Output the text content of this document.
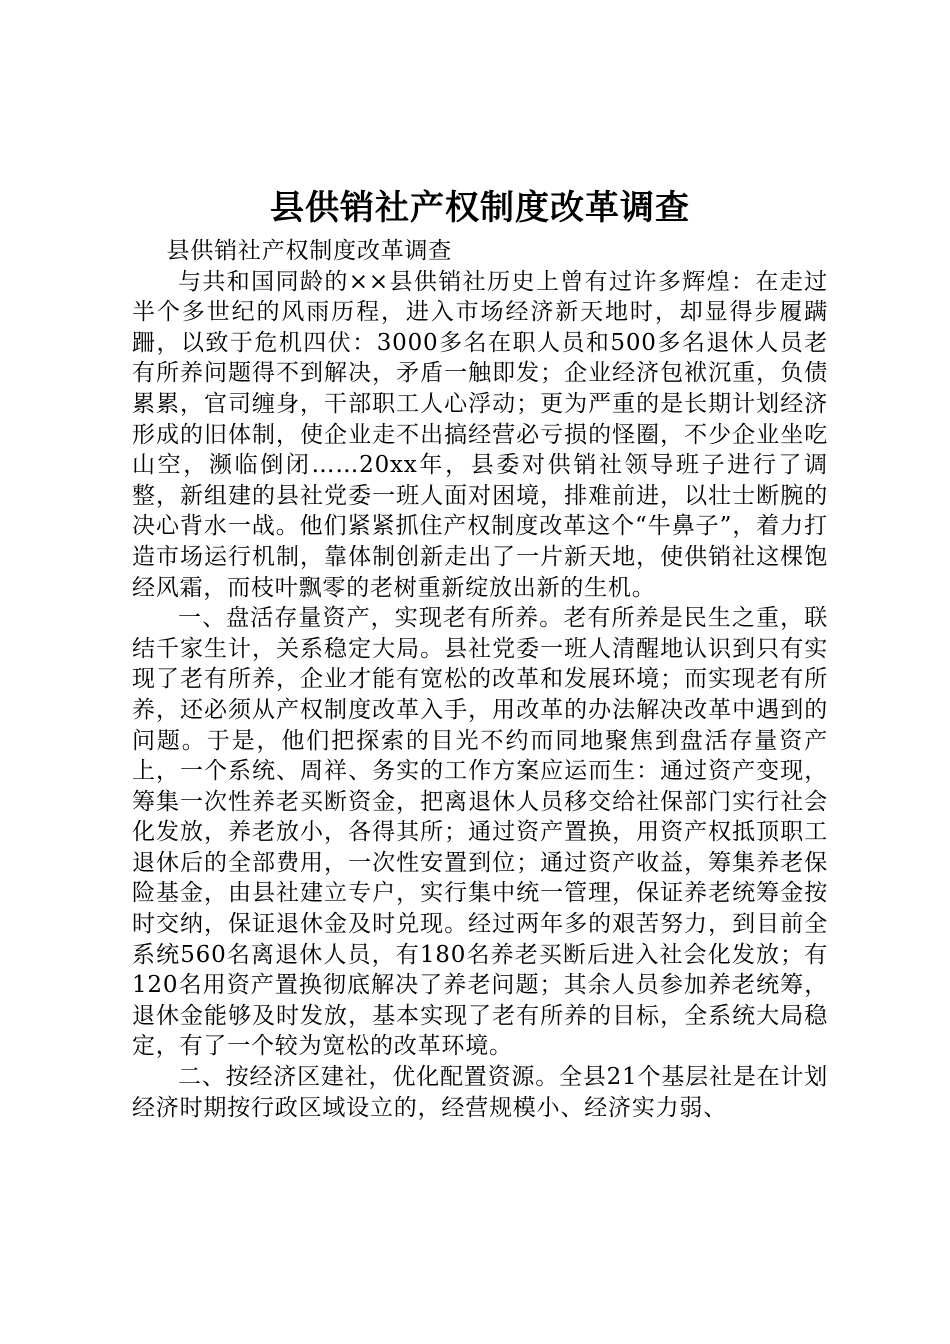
县供销社产权制度改革调查

县供销社产权制度改革调查

与共和国同龄的××县供销社历史上曾有过许多辉煌：在走过半个多世纪的风雨历程，进入市场经济新天地时，却显得步履蹒跚，以致于危机四伏：3000多名在职人员和500多名退休人员老有所养问题得不到解决，矛盾一触即发；企业经济包袱沉重，负债累累，官司缠身，干部职工人心浮动；更为严重的是长期计划经济形成的旧体制，使企业走不出搞经营必亏损的怪圈，不少企业坐吃山空，濒临倒闭……20xx年，县委对供销社领导班子进行了调整，新组建的县社党委一班人面对困境，排难前进，以壮士断腕的决心背水一战。他们紧紧抓住产权制度改革这个“牛鼻子”，着力打造市场运行机制，靠体制创新走出了一片新天地，使供销社这棵饱经风霜，而枝叶飘零的老树重新绽放出新的生机。

一、盘活存量资产，实现老有所养。老有所养是民生之重，联结千家生计，关系稳定大局。县社党委一班人清醒地认识到只有实现了老有所养，企业才能有宽松的改革和发展环境；而实现老有所养，还必须从产权制度改革入手，用改革的办法解决改革中遇到的问题。于是，他们把探索的目光不约而同地聚焦到盘活存量资产上，一个系统、周祥、务实的工作方案应运而生：通过资产变现，筹集一次性养老买断资金，把离退休人员移交给社保部门实行社会化发放，养老放小，各得其所；通过资产置换，用资产权抵顶职工退休后的全部费用，一次性安置到位；通过资产收益，筹集养老保险基金，由县社建立专户，实行集中统一管理，保证养老统筹金按时交纳，保证退休金及时兑现。经过两年多的艰苦努力，到目前全系统560名离退休人员，有180名养老买断后进入社会化发放；有120名用资产置换彻底解决了养老问题；其余人员参加养老统筹，退休金能够及时发放，基本实现了老有所养的目标，全系统大局稳定，有了一个较为宽松的改革环境。

二、按经济区建社，优化配置资源。全县21个基层社是在计划经济时期按行政区域设立的，经营规模小、经济实力弱、
